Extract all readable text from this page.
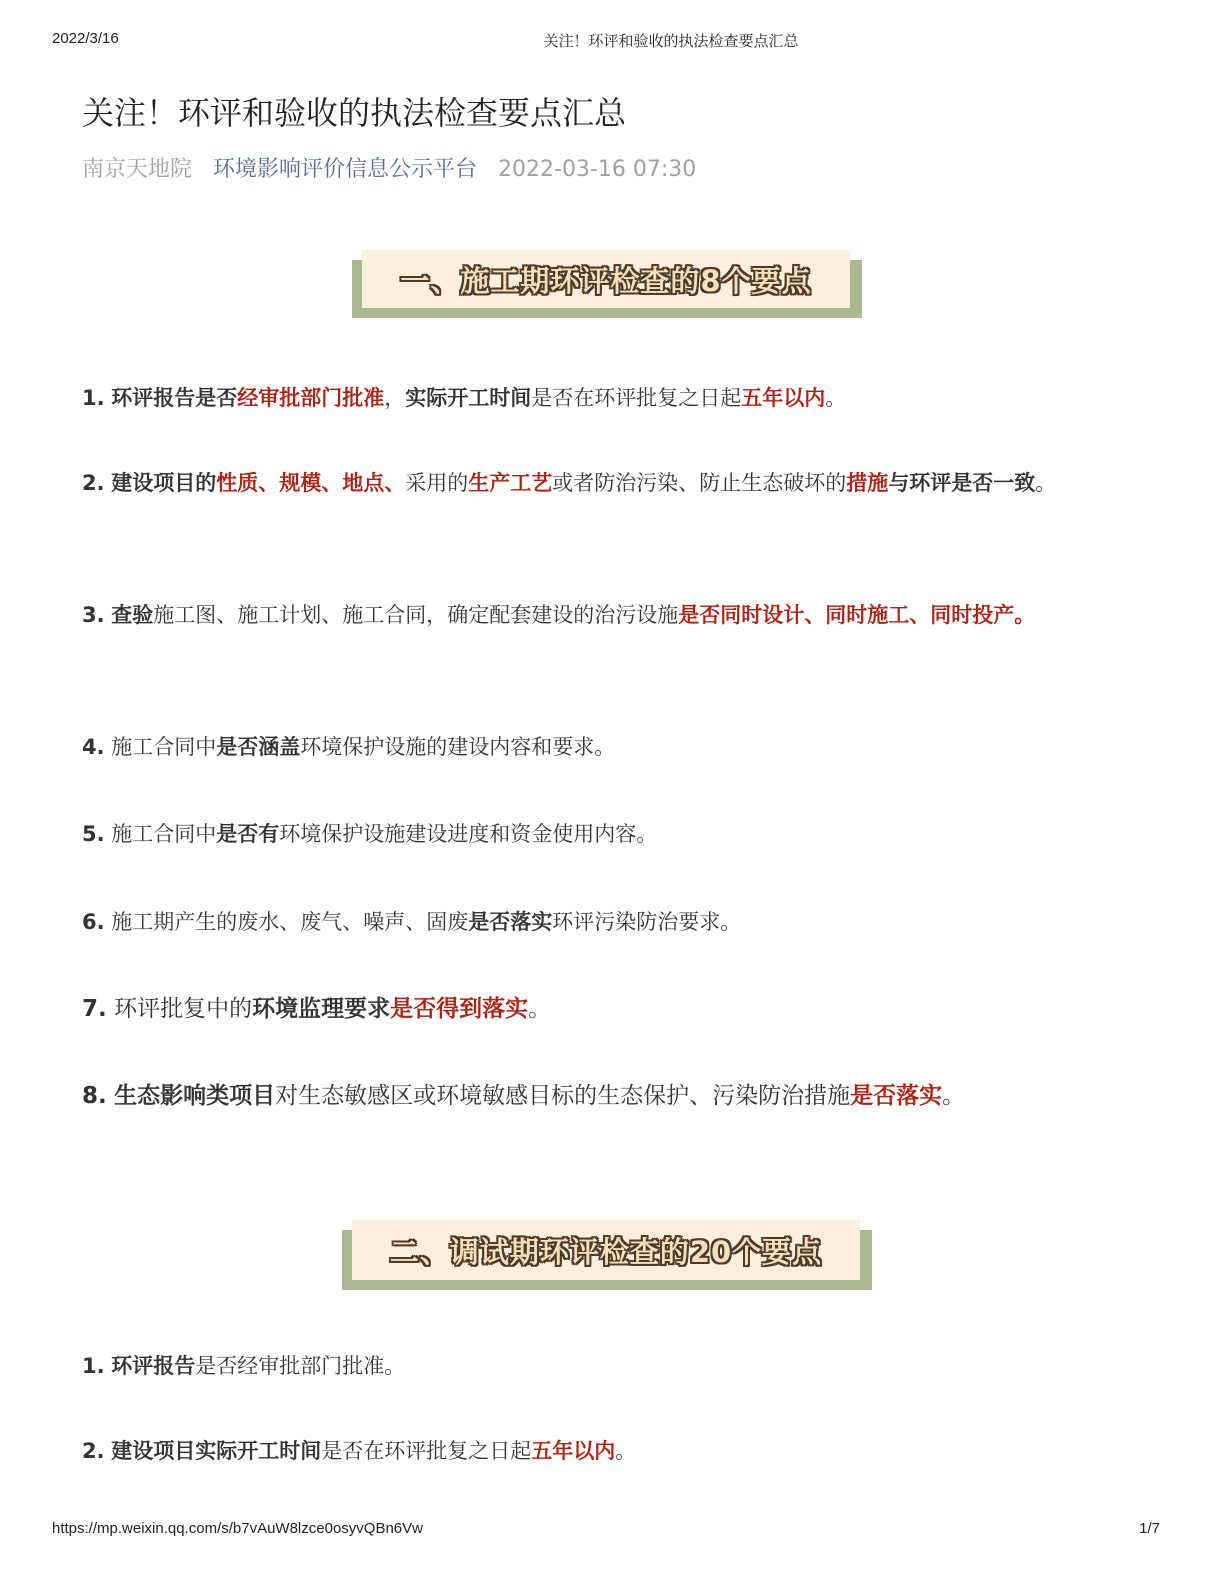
2022/3/16	关注！环评和验收的执法检查要点汇总
关注！环评和验收的执法检查要点汇总
南京天地院 环境影响评价信息公示平台 2022-03-16 07:30
一、施工期环评检查的8个要点

1. 环评报告是否经审批部门批准，实际开工时间是否在环评批复之日起五年以内。

2. 建设项目的性质、规模、地点、采用的生产工艺或者防治污染、防止生态破坏的措施与环评是否一致。

3. 查验施工图、施工计划、施工合同，确定配套建设的治污设施是否同时设计、同时施工、同时投产。

4. 施工合同中是否涵盖环境保护设施的建设内容和要求。

5. 施工合同中是否有环境保护设施建设进度和资金使用内容。

6. 施工期产生的废水、废气、噪声、固废是否落实环评污染防治要求。

7. 环评批复中的环境监理要求是否得到落实。

8. 生态影响类项目对生态敏感区或环境敏感目标的生态保护、污染防治措施是否落实。

二、调试期环评检查的20个要点

1. 环评报告是否经审批部门批准。

2. 建设项目实际开工时间是否在环评批复之日起五年以内。

https://mp.weixin.qq.com/s/b7vAuW8lzce0osyvQBn6Vw	1/7
